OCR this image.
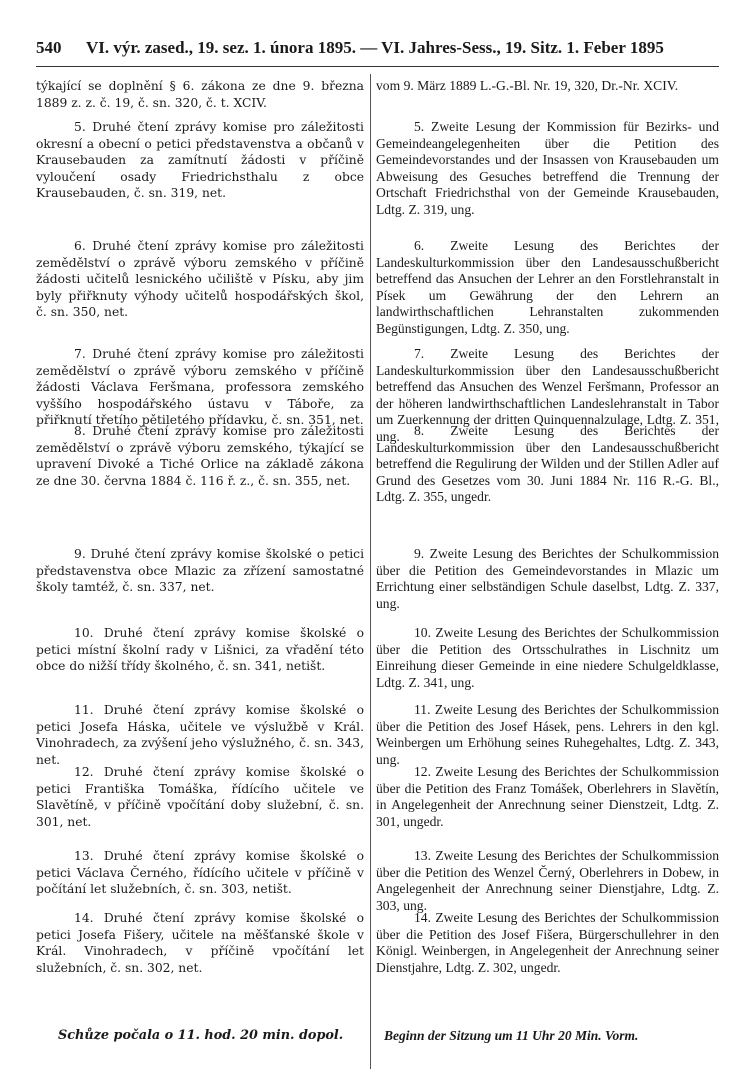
540 VI. výr. zased., 19. sez. 1. února 1895. — VI. Jahres-Sess., 19. Sitz. 1. Feber 1895
týkající se doplnění § 6. zákona ze dne 9. března 1889 z. z. č. 19, č. sn. 320, č. t. XCIV.
5. Druhé čtení zprávy komise pro záležitosti okresní a obecní o petici představenstva a občanů v Krausebauden za zamítnutí žádosti v příčině vyloučení osady Friedrichsthalu z obce Krausebauden, č. sn. 319, net.
6. Druhé čtení zprávy komise pro záležitosti zemědělství o zprávě výboru zemského v příčině žádosti učitelů lesnického učiliště v Písku, aby jim byly přiřknuty výhody učitelů hospodářských škol, č. sn. 350, net.
7. Druhé čtení zprávy komise pro záležitosti zemědělství o zprávě výboru zemského v příčině žádosti Václava Feršmana, professora zemského vyššího hospodářského ústavu v Táboře, za přiřknutí třetího pětiletého přídavku, č. sn. 351, net.
8. Druhé čtení zprávy komise pro záležitosti zemědělství o zprávě výboru zemského, týkající se upravení Divoké a Tiché Orlice na základě zákona ze dne 30. června 1884 č. 116 ř. z., č. sn. 355, net.
9. Druhé čtení zprávy komise školské o petici představenstva obce Mlazic za zřízení samostatné školy tamtéž, č. sn. 337, net.
10. Druhé čtení zprávy komise školské o petici místní školní rady v Lišnici, za vřadění této obce do nižší třídy školného, č. sn. 341, netišt.
11. Druhé čtení zprávy komise školské o petici Josefa Háska, učitele ve výslužbě v Král. Vinohradech, za zvýšení jeho výslužného, č. sn. 343, net.
12. Druhé čtení zprávy komise školské o petici Františka Tomáška, řídícího učitele ve Slavětíně, v příčině vpočítání doby služební, č. sn. 301, net.
13. Druhé čtení zprávy komise školské o petici Václava Černého, řídícího učitele v příčině v počítání let služebních, č. sn. 303, netišt.
14. Druhé čtení zprávy komise školské o petici Josefa Fišery, učitele na měšťanské škole v Král. Vinohradech, v příčině vpočítání let služebních, č. sn. 302, net.
vom 9. März 1889 L.-G.-Bl. Nr. 19, 320, Dr.-Nr. XCIV.
5. Zweite Lesung der Kommission für Bezirks- und Gemeindeangelegenheiten über die Petition des Gemeindevorstandes und der Insassen von Krausebauden um Abweisung des Gesuches betreffend die Trennung der Ortschaft Friedrichsthal von der Gemeinde Krausebauden, Ldtg. Z. 319, ung.
6. Zweite Lesung des Berichtes der Landeskulturkommission über den Landesausschußbericht betreffend das Ansuchen der Lehrer an den Forstlehranstalt in Písek um Gewährung der den Lehrern an landwirthschaftlichen Lehranstalten zukommenden Begünstigungen, Ldtg. Z. 350, ung.
7. Zweite Lesung des Berichtes der Landeskulturkommission über den Landesausschußbericht betreffend das Ansuchen des Wenzel Feršmann, Professor an der höheren landwirthschaftlichen Landeslehranstalt in Tabor um Zuerkennung der dritten Quinquennalzulage, Ldtg. Z. 351, ung.	8. Zweite Lesung des Berichtes der Landeskulturkommission über den Landesausschußbericht betreffend die Regulirung der Wilden und der Stillen Adler auf Grund des Gesetzes vom 30. Juni 1884 Nr. 116 R.-G. Bl., Ldtg. Z. 355, ungedr.
9. Zweite Lesung des Berichtes der Schulkommission über die Petition des Gemeindevorstandes in Mlazic um Errichtung einer selbständigen Schule daselbst, Ldtg. Z. 337, ung.
10. Zweite Lesung des Berichtes der Schulkommission über die Petition des Ortsschulrathes in Lischnitz um Einreihung dieser Gemeinde in eine niedere Schulgeldklasse, Ldtg. Z. 341, ung.
11. Zweite Lesung des Berichtes der Schulkommission über die Petition des Josef Hásek, pens. Lehrers in den kgl. Weinbergen um Erhöhung seines Ruhegehaltes, Ldtg. Z. 343, ung.
12. Zweite Lesung des Berichtes der Schulkommission über die Petition des Franz Tomášek, Oberlehrers in Slavětín, in Angelegenheit der Anrechnung seiner Dienstzeit, Ldtg. Z. 301, ungedr.
13. Zweite Lesung des Berichtes der Schulkommission über die Petition des Wenzel Černý, Oberlehrers in Dobew, in Angelegenheit der Anrechnung seiner Dienstjahre, Ldtg. Z. 303, ung.
14. Zweite Lesung des Berichtes der Schulkommission über die Petition des Josef Fišera, Bürgerschullehrer in den Königl. Weinbergen, in Angelegenheit der Anrechnung seiner Dienstjahre, Ldtg. Z. 302, ungedr.
Schůze počala o 11. hod. 20 min. dopol.	Beginn der Sitzung um 11 Uhr 20 Min. Vorm.
